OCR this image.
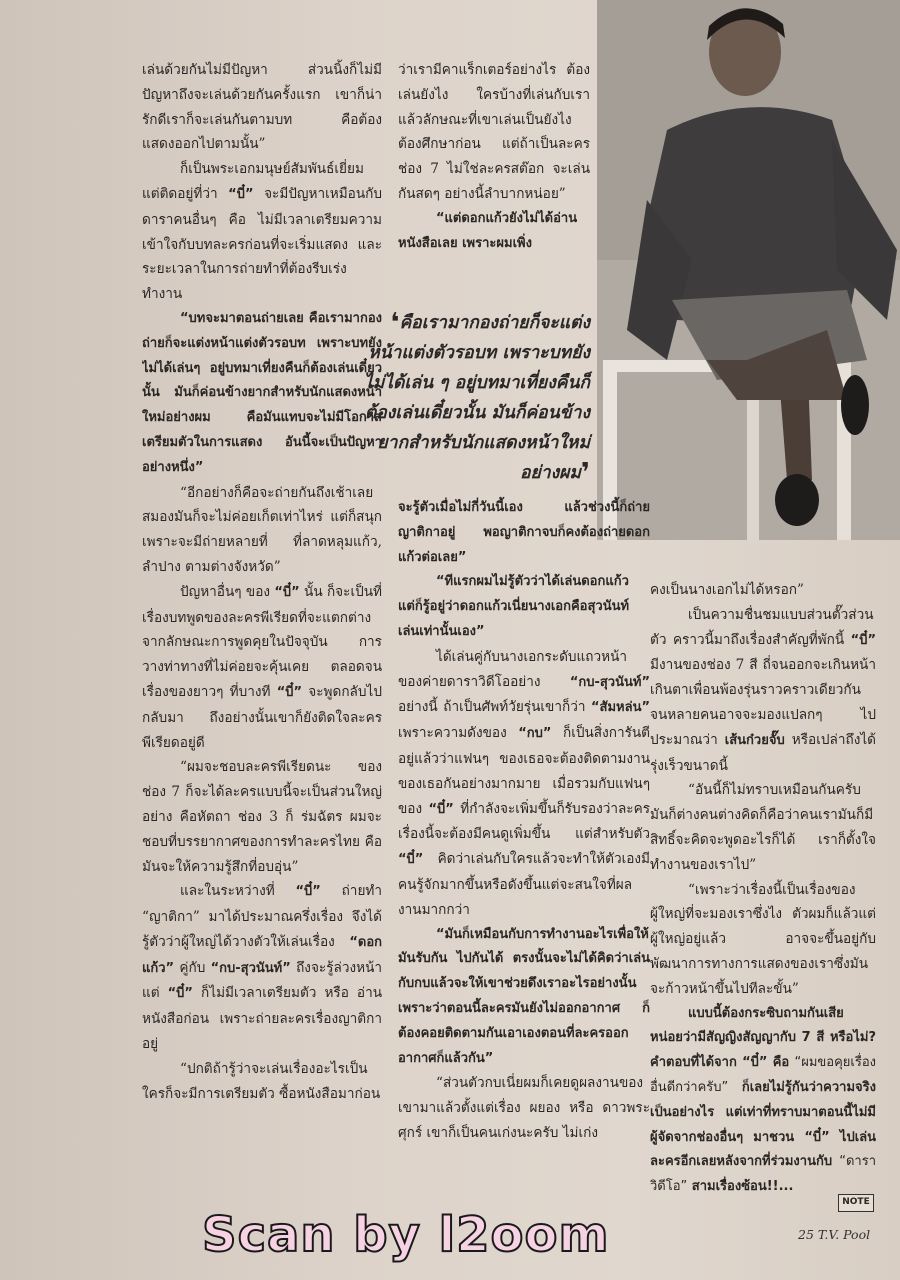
เล่นด้วยกันไม่มีปัญหา ส่วนนิ้งก็ไม่มีปัญหาถึงจะเล่นด้วยกันครั้งแรก เขาก็น่ารักดีเราก็จะเล่นกันตามบท คือต้องแสดงออกไปตามนั้น”

ก็เป็นพระเอกมนุษย์สัมพันธ์เยี่ยม แต่ติดอยู่ที่ว่า “บี๋” จะมีปัญหาเหมือนกับดาราคนอื่นๆ คือ ไม่มีเวลาเตรียมความเข้าใจกับบทละครก่อนที่จะเริ่มแสดง และระยะเวลาในการถ่ายทำที่ต้องรีบเร่งทำงาน

“บทจะมาตอนถ่ายเลย คือเรามากองถ่ายก็จะแต่งหน้าแต่งตัวรอบท เพราะบทยังไม่ได้เล่นๆ อยู่บทมาเที่ยงคืนก็ต้องเล่นเดี๋ยวนั้น มันก็ค่อนข้างยากสำหรับนักแสดงหน้าใหม่อย่างผม คือมันแทบจะไม่มีโอกาสเตรียมตัวในการแสดง อันนี้จะเป็นปัญหาอย่างหนึ่ง”

“อีกอย่างก็คือจะถ่ายกันถึงเช้าเลย สมองมันก็จะไม่ค่อยเก็ตเท่าไหร่ แต่ก็สนุกเพราะจะมีถ่ายหลายที่ ที่ลาดหลุมแก้ว, ลำปาง ตามต่างจังหวัด”

ปัญหาอื่นๆ ของ “บี๋” นั้น ก็จะเป็นที่เรื่องบทพูดของละครพีเรียดที่จะแตกต่างจากลักษณะการพูดคุยในปัจจุบัน การวางท่าทางที่ไม่ค่อยจะคุ้นเคย ตลอดจนเรื่องของยาวๆ ที่บางที “บี๋” จะพูดกลับไปกลับมา ถึงอย่างนั้นเขาก็ยังติดใจละครพีเรียดอยู่ดี

“ผมจะชอบละครพีเรียดนะ ของช่อง 7 ก็จะได้ละครแบบนี้จะเป็นส่วนใหญ่อย่าง คือหัตถา ช่อง 3 ก็ ร่มฉัตร ผมจะชอบที่บรรยากาศของการทำละครไทย คือมันจะให้ความรู้สึกที่อบอุ่น”

และในระหว่างที่ “บี๋” ถ่ายทำ “ญาติกา” มาได้ประมาณครึ่งเรื่อง จึงได้รู้ตัวว่าผู้ใหญ่ได้วางตัวให้เล่นเรื่อง “ดอกแก้ว” คู่กับ “กบ-สุวนันท์” ถึงจะรู้ล่วงหน้าแต่ “บี๋” ก็ไม่มีเวลาเตรียมตัว หรือ อ่านหนังสือก่อน เพราะถ่ายละครเรื่องญาติกาอยู่

“ปกติถ้ารู้ว่าจะเล่นเรื่องอะไรเป็นใครก็จะมีการเตรียมตัว ซื้อหนังสือมาก่อน

ว่าเรามีคาแร็กเตอร์อย่างไร ต้องเล่นยังไง ใครบ้างที่เล่นกับเรา แล้วลักษณะที่เขาเล่นเป็นยังไง ต้องศึกษาก่อน แต่ถ้าเป็นละครช่อง 7 ไม่ใช่ละครสต๊อก จะเล่นกันสดๆ อย่างนี้ลำบากหน่อย”

“แต่ดอกแก้วยังไม่ได้อ่านหนังสือเลย เพราะผมเพิ่ง

❛คือเรามากองถ่ายก็จะแต่งหน้าแต่งตัวรอบท เพราะบทยังไม่ได้เล่น ๆ อยู่บทมาเที่ยงคืนก็ต้องเล่นเดี๋ยวนั้น มันก็ค่อนข้างยากสำหรับนักแสดงหน้าใหม่อย่างผม❜

จะรู้ตัวเมื่อไม่กี่วันนี้เอง แล้วช่วงนี้ก็ถ่ายญาติกาอยู่ พอญาติกาจบก็คงต้องถ่ายดอกแก้วต่อเลย”

“ทีแรกผมไม่รู้ตัวว่าได้เล่นดอกแก้ว แต่ก็รู้อยู่ว่าดอกแก้วเนี่ยนางเอกคือสุวนันท์เล่นเท่านั้นเอง”

ได้เล่นคู่กับนางเอกระดับแถวหน้าของค่ายดาราวิดีโออย่าง “กบ-สุวนันท์” อย่างนี้ ถ้าเป็นศัพท์วัยรุ่นเขาก็ว่า “สัมหล่น” เพราะความดังของ “กบ” ก็เป็นสิ่งการันตีอยู่แล้วว่าแฟนๆ ของเธอจะต้องติดตามงานของเธอกันอย่างมากมาย เมื่อรวมกับแฟนๆ ของ “บี๋” ที่กำลังจะเพิ่มขึ้นก็รับรองว่าละครเรื่องนี้จะต้องมีคนดูเพิ่มขึ้น แต่สำหรับตัว “บี๋” คิดว่าเล่นกับใครแล้วจะทำให้ตัวเองมีคนรู้จักมากขึ้นหรือดังขึ้นแต่จะสนใจที่ผลงานมากกว่า

“มันก็เหมือนกับการทำงานอะไรเพื่อให้มันรับกัน ไปกันได้ ตรงนั้นจะไม่ได้คิดว่าเล่นกับกบแล้วจะให้เขาช่วยดึงเราอะไรอย่างนั้น เพราะว่าตอนนี้ละครมันยังไม่ออกอากาศ ก็ต้องคอยติดตามกันเอาเองตอนที่ละครออกอากาศก็แล้วกัน”

“ส่วนตัวกบเนี่ยผมก็เคยดูผลงานของเขามาแล้วตั้งแต่เรื่อง ผยอง หรือ ดาวพระศุกร์ เขาก็เป็นคนเก่งนะครับ ไม่เก่ง

คงเป็นนางเอกไม่ได้หรอก”

เป็นความชื่นชมแบบส่วนตั๊วส่วนตัว คราวนี้มาถึงเรื่องสำคัญที่พักนี้ “บี๋” มีงานของช่อง 7 สี ถี่จนออกจะเกินหน้าเกินตาเพื่อนพ้องรุ่นราวคราวเดียวกันจนหลายคนอาจจะมองแปลกๆ ไป ประมาณว่า เส้นก๋วยจั๊บ หรือเปล่าถึงได้รุ่งเร็วขนาดนี้

“อันนี้ก็ไม่ทราบเหมือนกันครับ มันก็ต่างคนต่างคิดก็คือว่าคนเรามันก็มีสิทธิ์จะคิดจะพูดอะไรก็ได้ เราก็ตั้งใจทำงานของเราไป”

“เพราะว่าเรื่องนี้เป็นเรื่องของผู้ใหญ่ที่จะมองเราซึ่งไง ตัวผมก็แล้วแต่ผู้ใหญ่อยู่แล้ว อาจจะขึ้นอยู่กับพัฒนาการทางการแสดงของเราซึ่งมันจะก้าวหน้าขึ้นไปทีละขั้น”

แบบนี้ต้องกระซิบถามกันเสียหน่อยว่ามีสัญญิงสัญญากับ 7 สี หรือไม่? คำตอบที่ได้จาก “บี๋” คือ “ผมขอคุยเรื่องอื่นดีกว่าครับ” ก็เลยไม่รู้กันว่าความจริงเป็นอย่างไร แต่เท่าที่ทราบมาตอนนี้ไม่มีผู้จัดจากช่องอื่นๆ มาชวน “บี๋” ไปเล่นละครอีกเลยหลังจากที่ร่วมงานกับ “ดาราวิดีโอ” สามเรื่องซ้อน!!...

NOTE
25 T.V. Pool
Scan by l2oom
